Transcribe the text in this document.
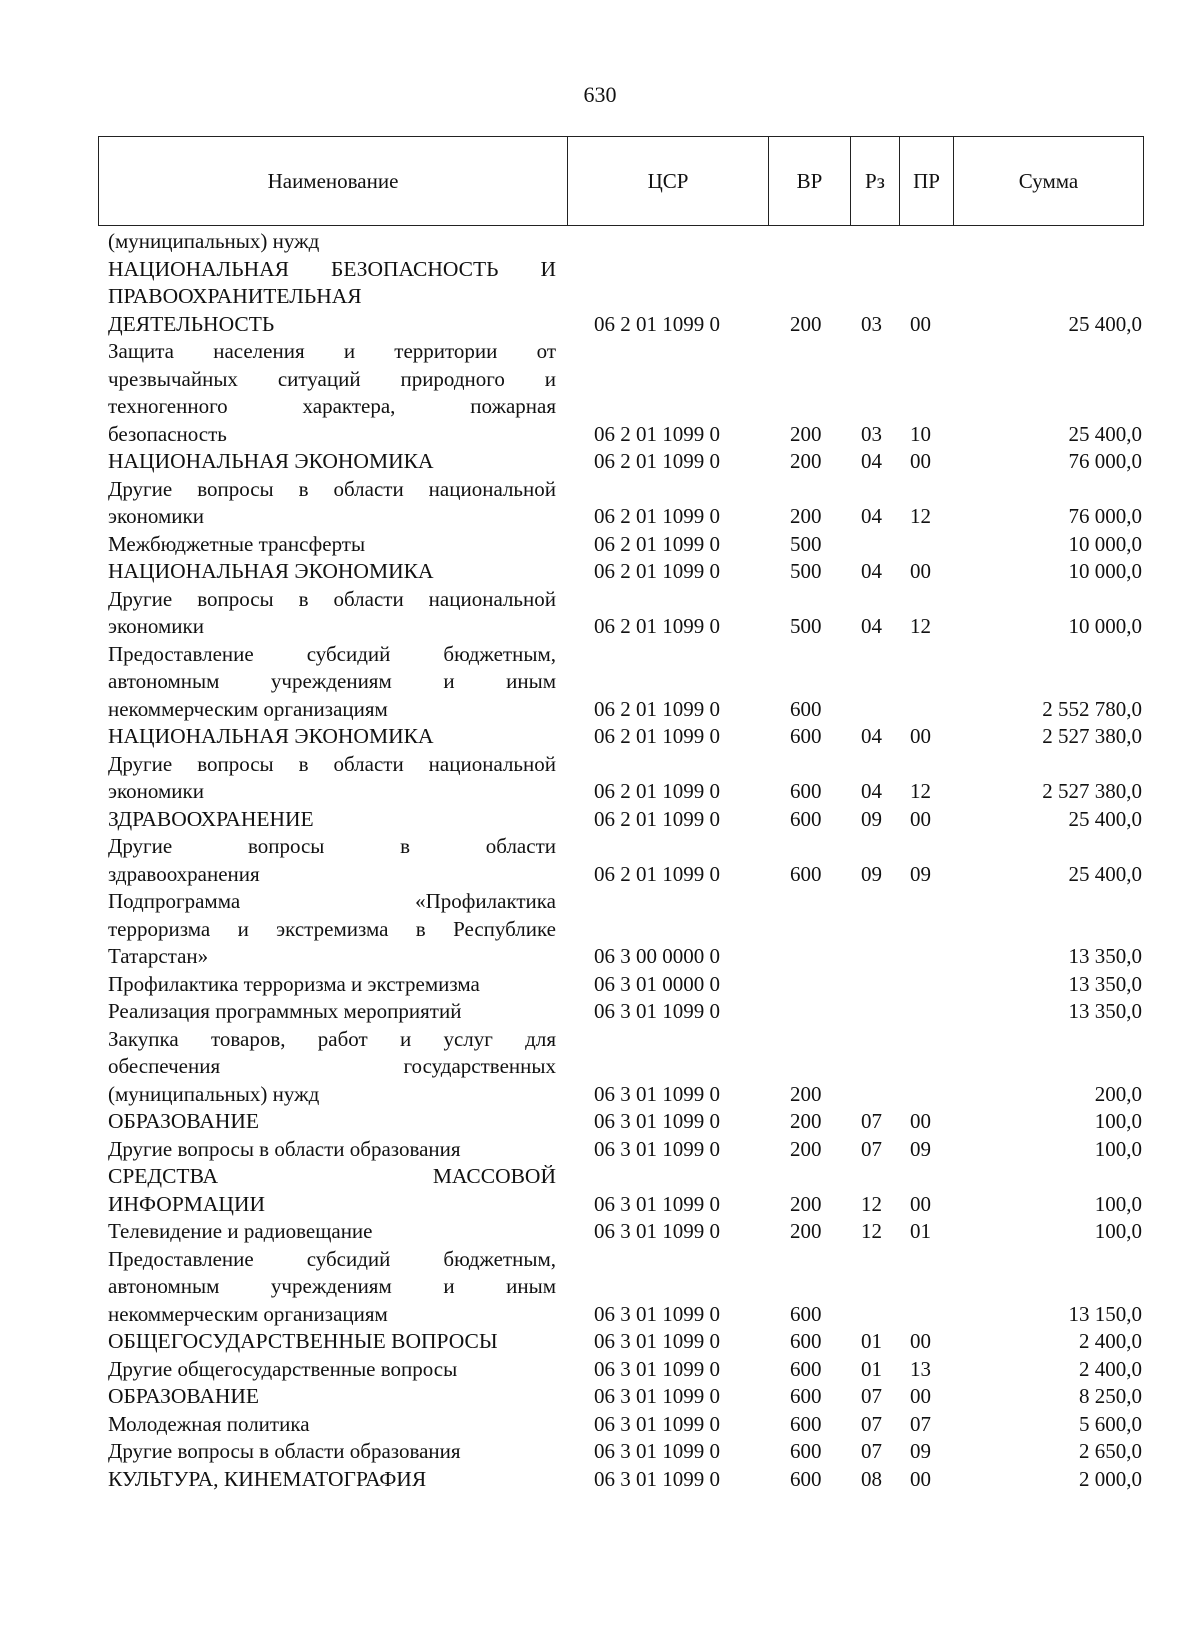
630
Наименование	ЦСР	ВР	Рз	ПР	Сумма
(муниципальных) нужд
НАЦИОНАЛЬНАЯ БЕЗОПАСНОСТЬ И
ПРАВООХРАНИТЕЛЬНАЯ
ДЕЯТЕЛЬНОСТЬ	06 2 01 1099 0	200 03 00	25 400,0
Защита населения и территории от
чрезвычайных ситуаций природного и
техногенного характера, пожарная
безопасность	06 2 01 1099 0	200 03 10	25 400,0
НАЦИОНАЛЬНАЯ ЭКОНОМИКА	06 2 01 1099 0	200 04 00	76 000,0
Другие вопросы в области национальной
экономики	06 2 01 1099 0	200 04 12	76 000,0
Межбюджетные трансферты	06 2 01 1099 0	500	10 000,0
НАЦИОНАЛЬНАЯ ЭКОНОМИКА	06 2 01 1099 0	500 04 00	10 000,0
Другие вопросы в области национальной
экономики	06 2 01 1099 0	500 04 12	10 000,0
Предоставление субсидий бюджетным,
автономным учреждениям и иным
некоммерческим организациям	06 2 01 1099 0	600	2 552 780,0
НАЦИОНАЛЬНАЯ ЭКОНОМИКА	06 2 01 1099 0	600 04 00	2 527 380,0
Другие вопросы в области национальной
экономики	06 2 01 1099 0	600 04 12	2 527 380,0
ЗДРАВООХРАНЕНИЕ	06 2 01 1099 0	600 09 00	25 400,0
Другие вопросы в области
здравоохранения	06 2 01 1099 0	600 09 09	25 400,0
Подпрограмма «Профилактика
терроризма и экстремизма в Республике
Татарстан»	06 3 00 0000 0	13 350,0
Профилактика терроризма и экстремизма	06 3 01 0000 0	13 350,0
Реализация программных мероприятий	06 3 01 1099 0	13 350,0
Закупка товаров, работ и услуг для
обеспечения государственных
(муниципальных) нужд	06 3 01 1099 0	200	200,0
ОБРАЗОВАНИЕ	06 3 01 1099 0	200 07 00	100,0
Другие вопросы в области образования	06 3 01 1099 0	200 07 09	100,0
СРЕДСТВА МАССОВОЙ
ИНФОРМАЦИИ	06 3 01 1099 0	200 12 00	100,0
Телевидение и радиовещание	06 3 01 1099 0	200 12 01	100,0
Предоставление субсидий бюджетным,
автономным учреждениям и иным
некоммерческим организациям	06 3 01 1099 0	600	13 150,0
ОБЩЕГОСУДАРСТВЕННЫЕ ВОПРОСЫ	06 3 01 1099 0	600 01 00	2 400,0
Другие общегосударственные вопросы	06 3 01 1099 0	600 01 13	2 400,0
ОБРАЗОВАНИЕ	06 3 01 1099 0	600 07 00	8 250,0
Молодежная политика	06 3 01 1099 0	600 07 07	5 600,0
Другие вопросы в области образования	06 3 01 1099 0	600 07 09	2 650,0
КУЛЬТУРА, КИНЕМАТОГРАФИЯ	06 3 01 1099 0	600 08 00	2 000,0
